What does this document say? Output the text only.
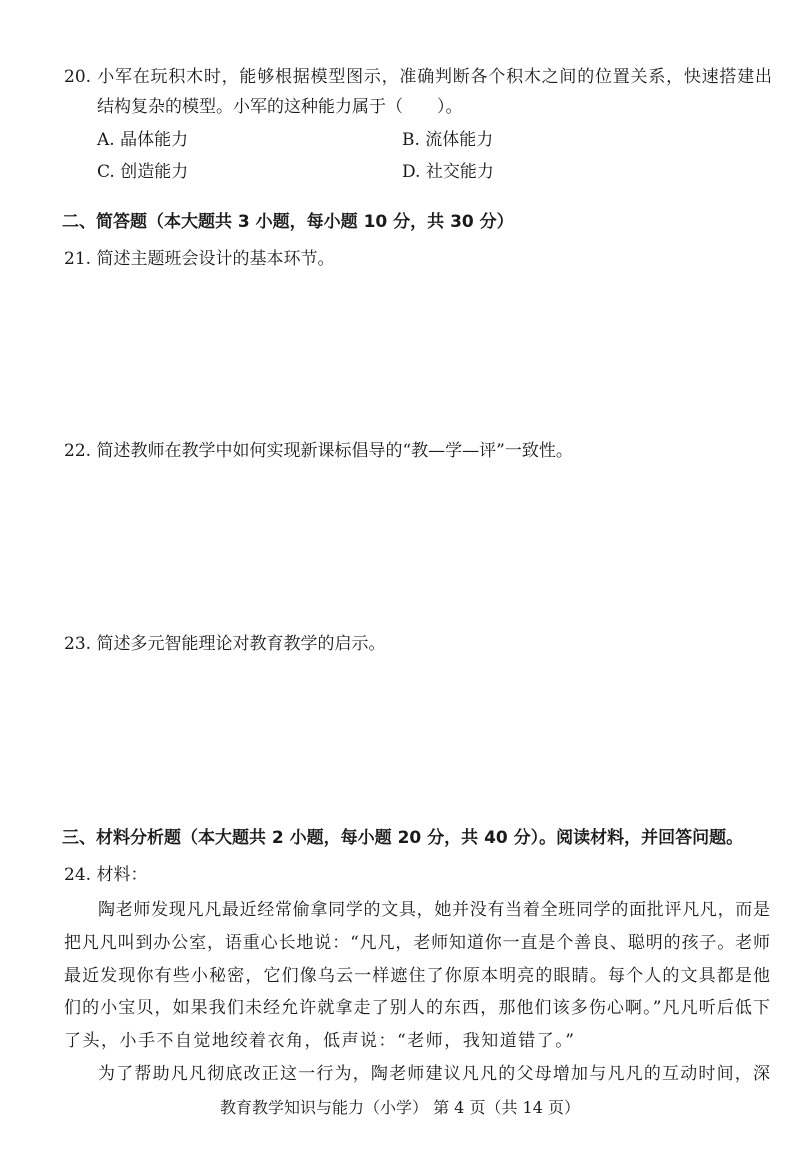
20. 小军在玩积木时，能够根据模型图示，准确判断各个积木之间的位置关系，快速搭建出
结构复杂的模型。小军的这种能力属于（　　）。
A. 晶体能力	B. 流体能力
C. 创造能力	D. 社交能力
二、简答题（本大题共 3 小题，每小题 10 分，共 30 分）
21. 简述主题班会设计的基本环节。
22. 简述教师在教学中如何实现新课标倡导的“教—学—评”一致性。
23. 简述多元智能理论对教育教学的启示。
三、材料分析题（本大题共 2 小题，每小题 20 分，共 40 分）。阅读材料，并回答问题。
24. 材料：
陶老师发现凡凡最近经常偷拿同学的文具，她并没有当着全班同学的面批评凡凡，而是
把凡凡叫到办公室，语重心长地说：“凡凡，老师知道你一直是个善良、聪明的孩子。老师
最近发现你有些小秘密，它们像乌云一样遮住了你原本明亮的眼睛。每个人的文具都是他
们的小宝贝，如果我们未经允许就拿走了别人的东西，那他们该多伤心啊。”凡凡听后低下
了头，小手不自觉地绞着衣角，低声说：“老师，我知道错了。”
为了帮助凡凡彻底改正这一行为，陶老师建议凡凡的父母增加与凡凡的互动时间，深
教育教学知识与能力（小学） 第 4 页（共 14 页）
